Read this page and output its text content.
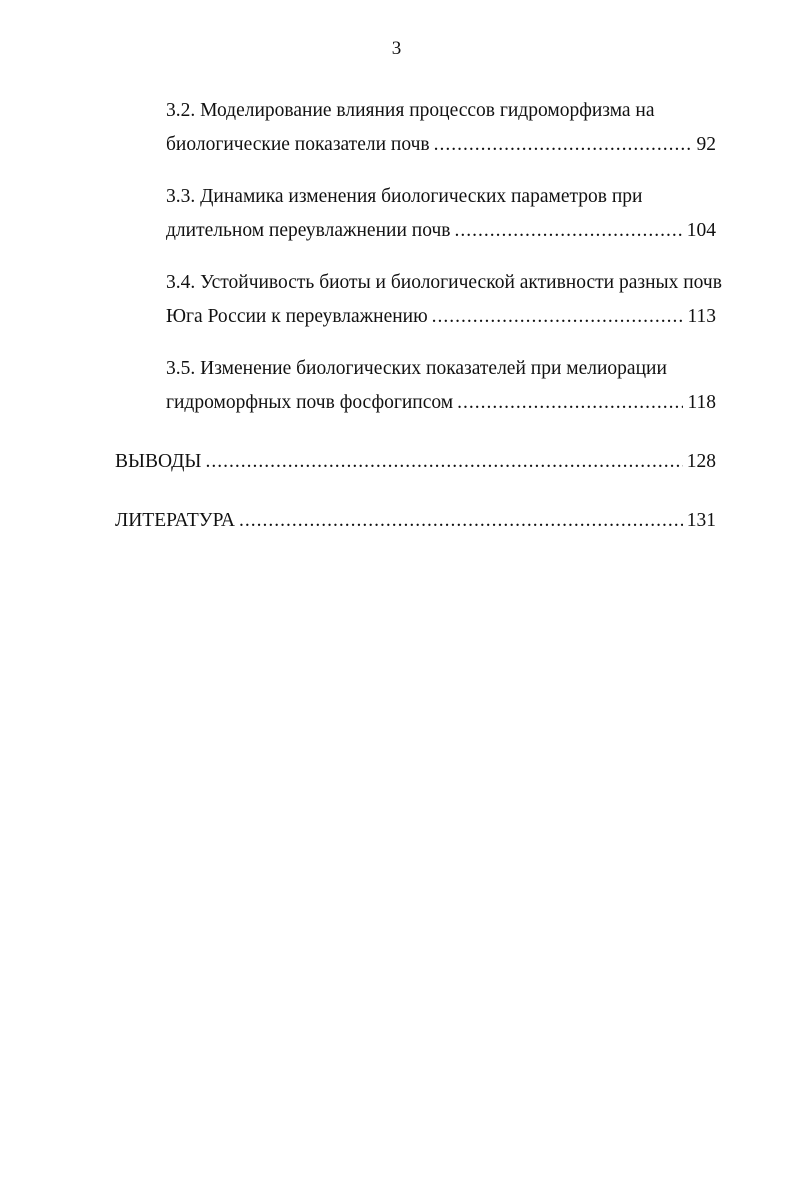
3
3.2. Моделирование влияния процессов гидроморфизма на
биологические показатели почв .....	92
3.3. Динамика изменения биологических параметров при
длительном переувлажнении почв .....	104
3.4. Устойчивость биоты и биологической активности разных почв
Юга России к переувлажнению .....	113
3.5. Изменение биологических показателей при мелиорации
гидроморфных почв фосфогипсом .....	118
ВЫВОДЫ .....	128
ЛИТЕРАТУРА .....	131
